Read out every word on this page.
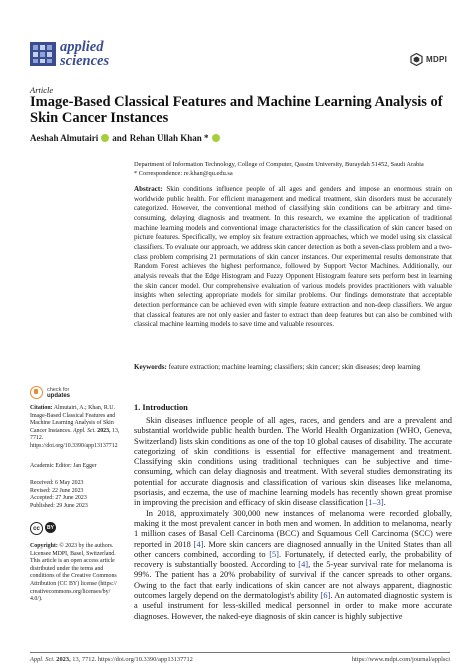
applied
sciences	MDPI
Article
Image-Based Classical Features and Machine Learning Analysis of Skin Cancer Instances
Aeshah Almutairi and Rehan Ullah Khan *
Department of Information Technology, College of Computer, Qassim University, Buraydah 51452, Saudi Arabia
* Correspondence: re.khan@qu.edu.sa
Abstract: Skin conditions influence people of all ages and genders and impose an enormous strain on worldwide public health. For efficient management and medical treatment, skin disorders must be accurately categorized. However, the conventional method of classifying skin conditions can be arbitrary and time-consuming, delaying diagnosis and treatment. In this research, we examine the application of traditional machine learning models and conventional image characteristics for the classification of skin cancer based on picture features. Specifically, we employ six feature extraction approaches, which we model using six classical classifiers. To evaluate our approach, we address skin cancer detection as both a seven-class problem and a two-class problem comprising 21 permutations of skin cancer instances. Our experimental results demonstrate that Random Forest achieves the highest performance, followed by Support Vector Machines. Additionally, our analysis reveals that the Edge Histogram and Fuzzy Opponent Histogram feature sets perform best in learning the skin cancer model. Our comprehensive evaluation of various models provides practitioners with valuable insights when selecting appropriate models for similar problems. Our findings demonstrate that acceptable detection performance can be achieved even with simple feature extraction and non-deep classifiers. We argue that classical features are not only easier and faster to extract than deep features but can also be combined with classical machine learning models to save time and valuable resources.
Keywords: feature extraction; machine learning; classifiers; skin cancer; skin diseases; deep learning
check for
updates
Citation: Almutairi, A.; Khan, R.U. Image-Based Classical Features and Machine Learning Analysis of Skin Cancer Instances. Appl. Sci. 2023, 13, 7712. https://doi.org/10.3390/app13137712
Academic Editor: Jan Egger
Received: 6 May 2023
Revised: 22 June 2023
Accepted: 27 June 2023
Published: 29 June 2023
cc	BY
Copyright: © 2023 by the authors. Licensee MDPI, Basel, Switzerland. This article is an open access article distributed under the terms and conditions of the Creative Commons Attribution (CC BY) license (https:// creativecommons.org/licenses/by/ 4.0/).
1. Introduction

Skin diseases influence people of all ages, races, and genders and are a prevalent and substantial worldwide public health burden. The World Health Organization (WHO, Geneva, Switzerland) lists skin conditions as one of the top 10 global causes of disability. The accurate categorizing of skin conditions is essential for effective management and treatment. Classifying skin conditions using traditional techniques can be subjective and time-consuming, which can delay diagnosis and treatment. With several studies demonstrating its potential for accurate diagnosis and classification of various skin diseases like melanoma, psoriasis, and eczema, the use of machine learning models has recently shown great promise in improving the precision and efficacy of skin disease classification [1–3].

In 2018, approximately 300,000 new instances of melanoma were recorded globally, making it the most prevalent cancer in both men and women. In addition to melanoma, nearly 1 million cases of Basal Cell Carcinoma (BCC) and Squamous Cell Carcinoma (SCC) were reported in 2018 [4]. More skin cancers are diagnosed annually in the United States than all other cancers combined, according to [5]. Fortunately, if detected early, the probability of recovery is substantially boosted. According to [4], the 5-year survival rate for melanoma is 99%. The patient has a 20% probability of survival if the cancer spreads to other organs. Owing to the fact that early indications of skin cancer are not always apparent, diagnostic outcomes largely depend on the dermatologist's ability [6]. An automated diagnostic system is a useful instrument for less-skilled medical personnel in order to make more accurate diagnoses. However, the naked-eye diagnosis of skin cancer is highly subjective

Appl. Sci. 2023, 13, 7712. https://doi.org/10.3390/app13137712	https://www.mdpi.com/journal/applsci
